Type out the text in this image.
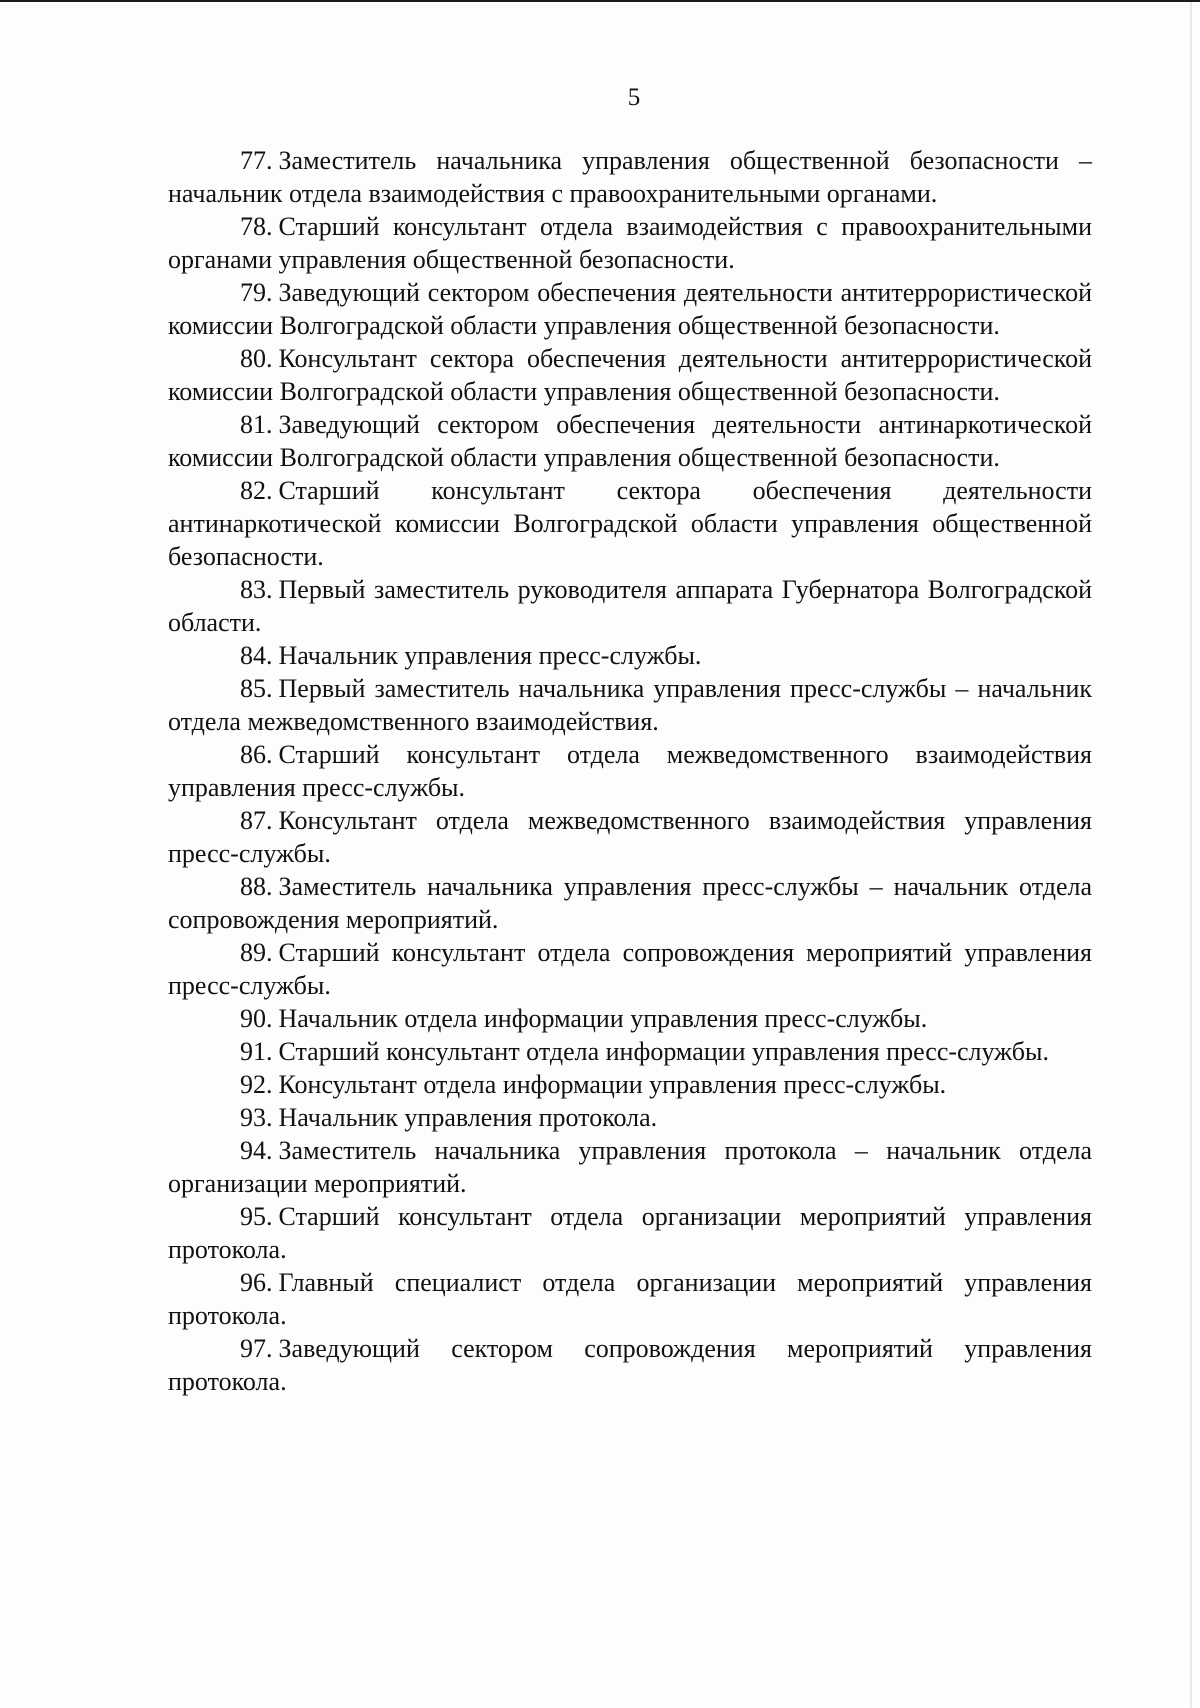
5

77. Заместитель начальника управления общественной безопасности – начальник отдела взаимодействия с правоохранительными органами.

78. Старший консультант отдела взаимодействия с правоохранительными органами управления общественной безопасности.

79. Заведующий сектором обеспечения деятельности антитеррористической комиссии Волгоградской области управления общественной безопасности.

80. Консультант сектора обеспечения деятельности антитеррористической комиссии Волгоградской области управления общественной безопасности.

81. Заведующий сектором обеспечения деятельности антинаркотической комиссии Волгоградской области управления общественной безопасности.

82. Старший консультант сектора обеспечения деятельности антинаркотической комиссии Волгоградской области управления общественной безопасности.

83. Первый заместитель руководителя аппарата Губернатора Волгоградской области.

84. Начальник управления пресс-службы.

85. Первый заместитель начальника управления пресс-службы – начальник отдела межведомственного взаимодействия.

86. Старший консультант отдела межведомственного взаимодействия управления пресс-службы.

87. Консультант отдела межведомственного взаимодействия управления пресс-службы.

88. Заместитель начальника управления пресс-службы – начальник отдела сопровождения мероприятий.

89. Старший консультант отдела сопровождения мероприятий управления пресс-службы.

90. Начальник отдела информации управления пресс-службы.

91. Старший консультант отдела информации управления пресс-службы.

92. Консультант отдела информации управления пресс-службы.

93. Начальник управления протокола.

94. Заместитель начальника управления протокола – начальник отдела организации мероприятий.

95. Старший консультант отдела организации мероприятий управления протокола.

96. Главный специалист отдела организации мероприятий управления протокола.

97. Заведующий сектором сопровождения мероприятий управления протокола.
